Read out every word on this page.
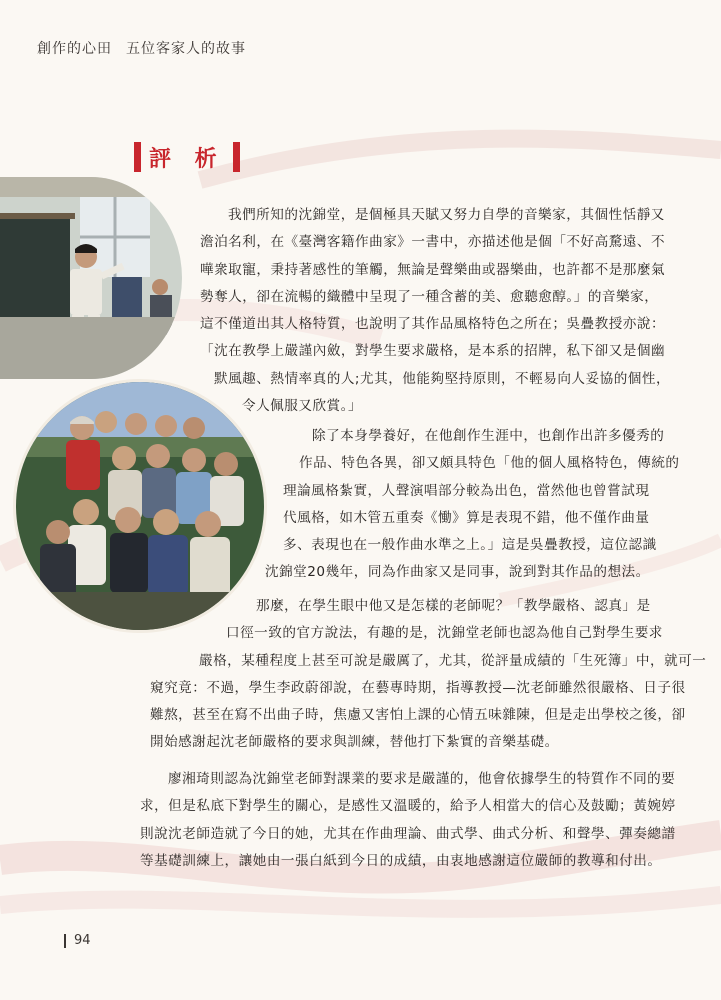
創作的心田 五位客家人的故事
評 析
我們所知的沈錦堂，是個極具天賦又努力自學的音樂家，其個性恬靜又
澹泊名利，在《臺灣客籍作曲家》一書中，亦描述他是個「不好高騖遠、不
嘩衆取寵，秉持著感性的筆觸，無論是聲樂曲或器樂曲，也許都不是那麼氣
勢奪人，卻在流暢的織體中呈現了一種含蓄的美、愈聽愈醇。」的音樂家，
這不僅道出其人格特質，也說明了其作品風格特色之所在；吳疊教授亦說：
「沈在教學上嚴謹內斂，對學生要求嚴格，是本系的招牌，私下卻又是個幽
默風趣、熱情率真的人;尤其，他能夠堅持原則，不輕易向人妥協的個性，
令人佩服又欣賞。」
除了本身學養好，在他創作生涯中，也創作出許多優秀的
作品、特色各異，卻又頗具特色「他的個人風格特色，傳統的
理論風格紮實，人聲演唱部分較為出色，當然他也曾嘗試現
代風格，如木管五重奏《慟》算是表現不錯，他不僅作曲量
多、表現也在一般作曲水準之上。」這是吳疊教授，這位認識
沈錦堂20幾年，同為作曲家又是同事，說到對其作品的想法。
那麼，在學生眼中他又是怎樣的老師呢？「教學嚴格、認真」是
口徑一致的官方說法，有趣的是，沈錦堂老師也認為他自己對學生要求
嚴格，某種程度上甚至可說是嚴厲了，尤其，從評量成績的「生死簿」中，就可一
窺究竟：不過，學生李政蔚卻說，在藝專時期，指導教授—沈老師雖然很嚴格、日子很
難熬，甚至在寫不出曲子時，焦慮又害怕上課的心情五味雜陳，但是走出學校之後，卻
開始感謝起沈老師嚴格的要求與訓練，替他打下紮實的音樂基礎。
廖湘琦則認為沈錦堂老師對課業的要求是嚴謹的，他會依據學生的特質作不同的要
求，但是私底下對學生的關心，是感性又溫暖的，給予人相當大的信心及鼓勵；黃婉婷
則說沈老師造就了今日的她，尤其在作曲理論、曲式學、曲式分析、和聲學、彈奏總譜
等基礎訓練上，讓她由一張白紙到今日的成績，由衷地感謝這位嚴師的教導和付出。
94
